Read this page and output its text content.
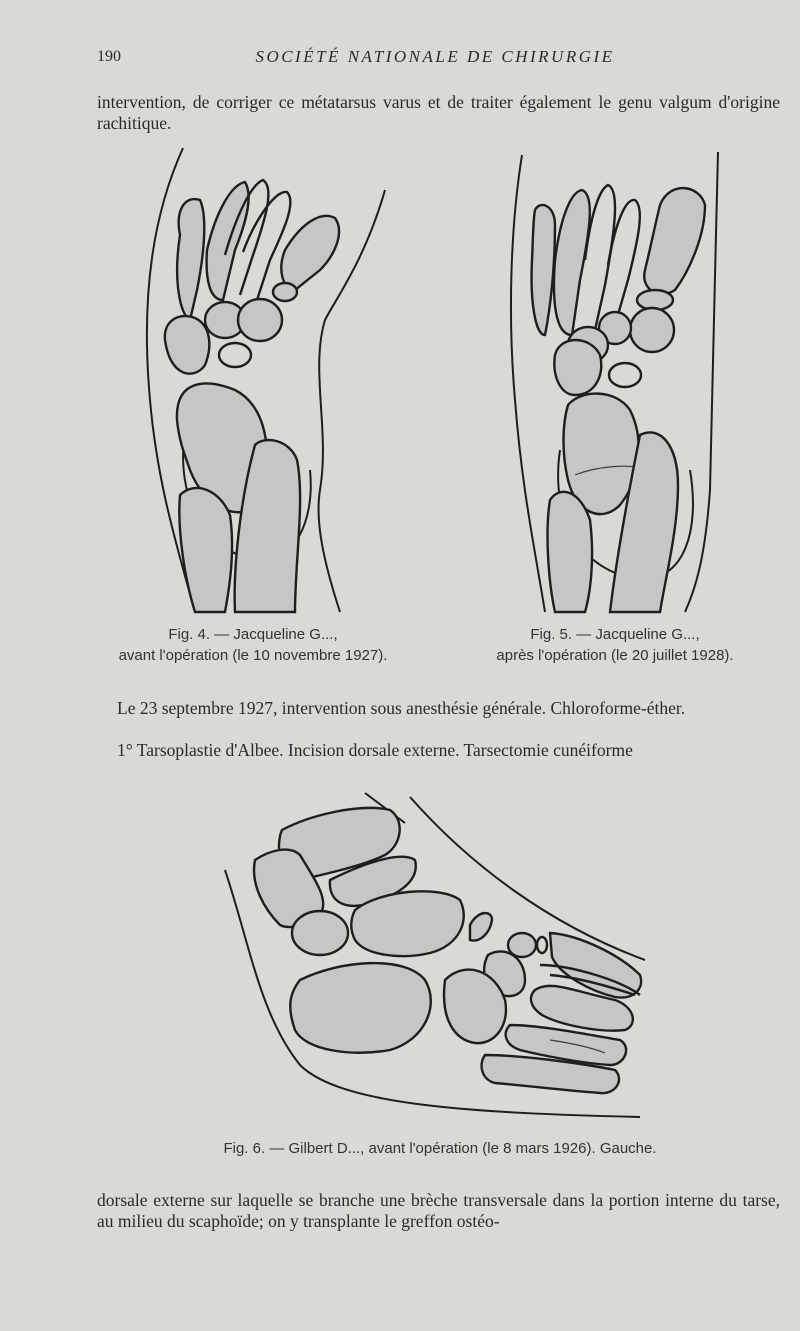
190	SOCIÉTÉ NATIONALE DE CHIRURGIE

intervention, de corriger ce métatarsus varus et de traiter également le genu valgum d'origine rachitique.

Fig. 4. — Jacqueline G...,
avant l'opération (le 10 novembre 1927).
Fig. 5. — Jacqueline G...,
après l'opération (le 20 juillet 1928).

Le 23 septembre 1927, intervention sous anesthésie générale. Chloroforme-éther.

1° Tarsoplastie d'Albee. Incision dorsale externe. Tarsectomie cunéiforme

Fig. 6. — Gilbert D..., avant l'opération (le 8 mars 1926). Gauche.

dorsale externe sur laquelle se branche une brèche transversale dans la portion interne du tarse, au milieu du scaphoïde; on y transplante le greffon ostéo-
